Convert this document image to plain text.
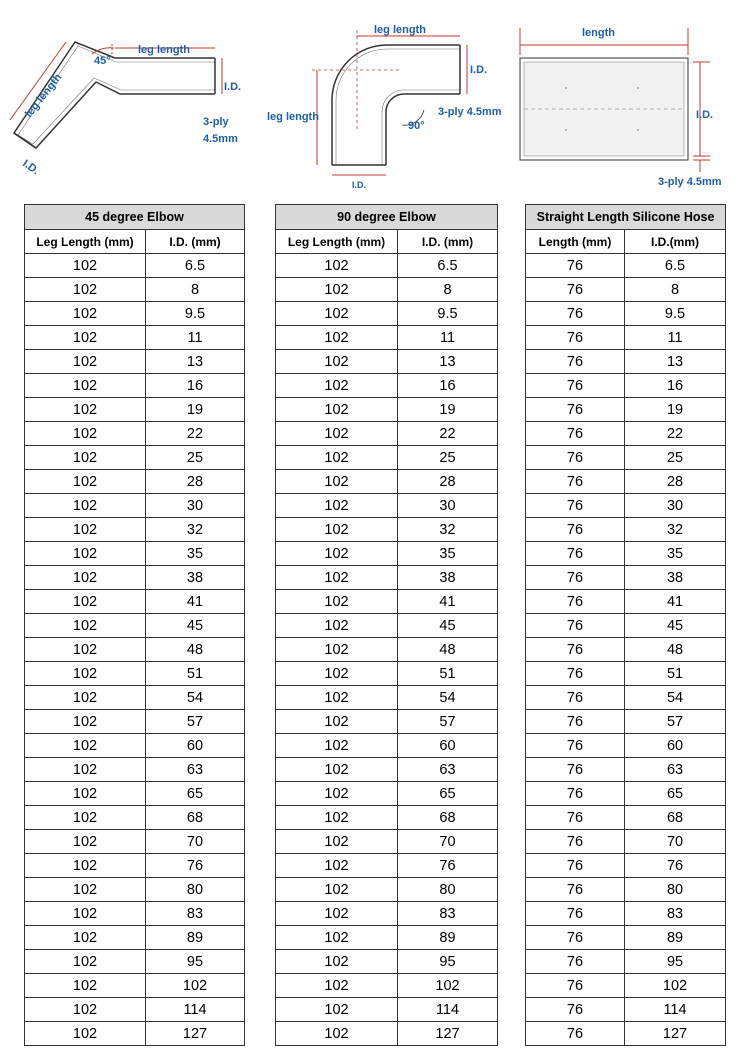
45°
leg length
leg length	I.D.
3-ply
4.5mm
I.D.
leg length
leg length
I.D.
3-ply 4.5mm
90°
I.D.
length
I.D.
3-ply 4.5mm
45 degree Elbow	
Leg Length (mm)	I.D. (mm)
102	6.5
102	8
102	9.5
102	11
102	13
102	16
102	19
102	22
102	25
102	28
102	30
102	32
102	35
102	38
102	41
102	45
102	48
102	51
102	54
102	57
102	60
102	63
102	65
102	68
102	70
102	76
102	80
102	83
102	89
102	95
102	102
102	114
102	127
90 degree Elbow	
Leg Length (mm)	I.D. (mm)
102	6.5
102	8
102	9.5
102	11
102	13
102	16
102	19
102	22
102	25
102	28
102	30
102	32
102	35
102	38
102	41
102	45
102	48
102	51
102	54
102	57
102	60
102	63
102	65
102	68
102	70
102	76
102	80
102	83
102	89
102	95
102	102
102	114
102	127
Straight Length Silicone Hose	
Length (mm)	I.D.(mm)
76	6.5
76	8
76	9.5
76	11
76	13
76	16
76	19
76	22
76	25
76	28
76	30
76	32
76	35
76	38
76	41
76	45
76	48
76	51
76	54
76	57
76	60
76	63
76	65
76	68
76	70
76	76
76	80
76	83
76	89
76	95
76	102
76	114
76	127
